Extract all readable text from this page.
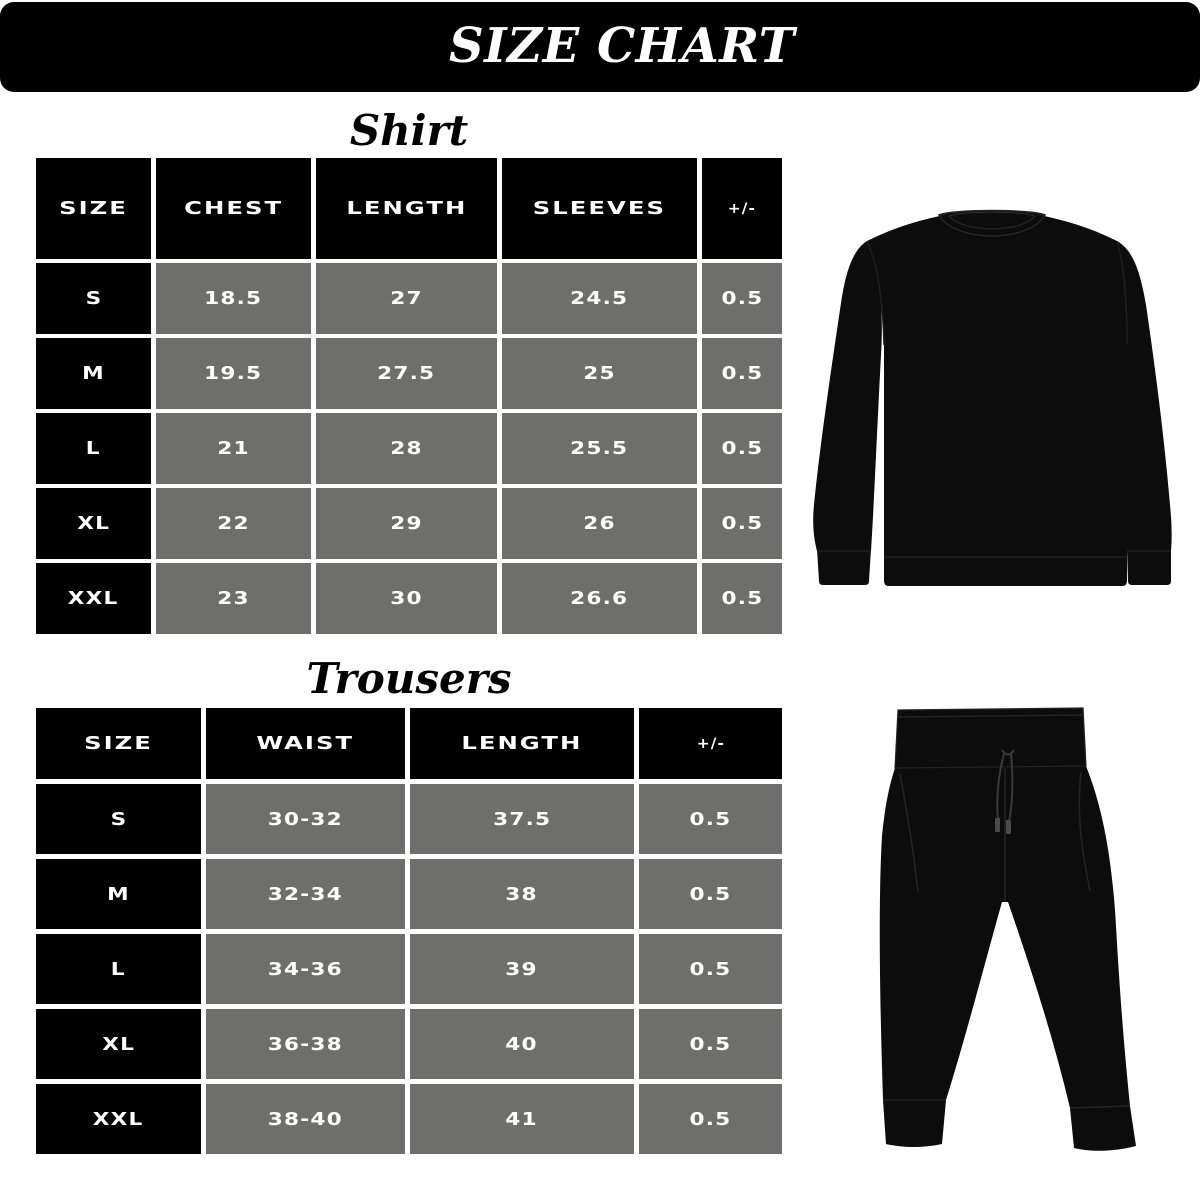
SIZE CHART
Shirt
SIZE	CHEST	LENGTH	SLEEVES	+/-
S	18.5	27	24.5	0.5
M	19.5	27.5	25	0.5
L	21	28	25.5	0.5
XL	22	29	26	0.5
XXL	23	30	26.6	0.5
Trousers
SIZE	WAIST	LENGTH	+/-
S	30-32	37.5	0.5
M	32-34	38	0.5
L	34-36	39	0.5
XL	36-38	40	0.5
XXL	38-40	41	0.5
